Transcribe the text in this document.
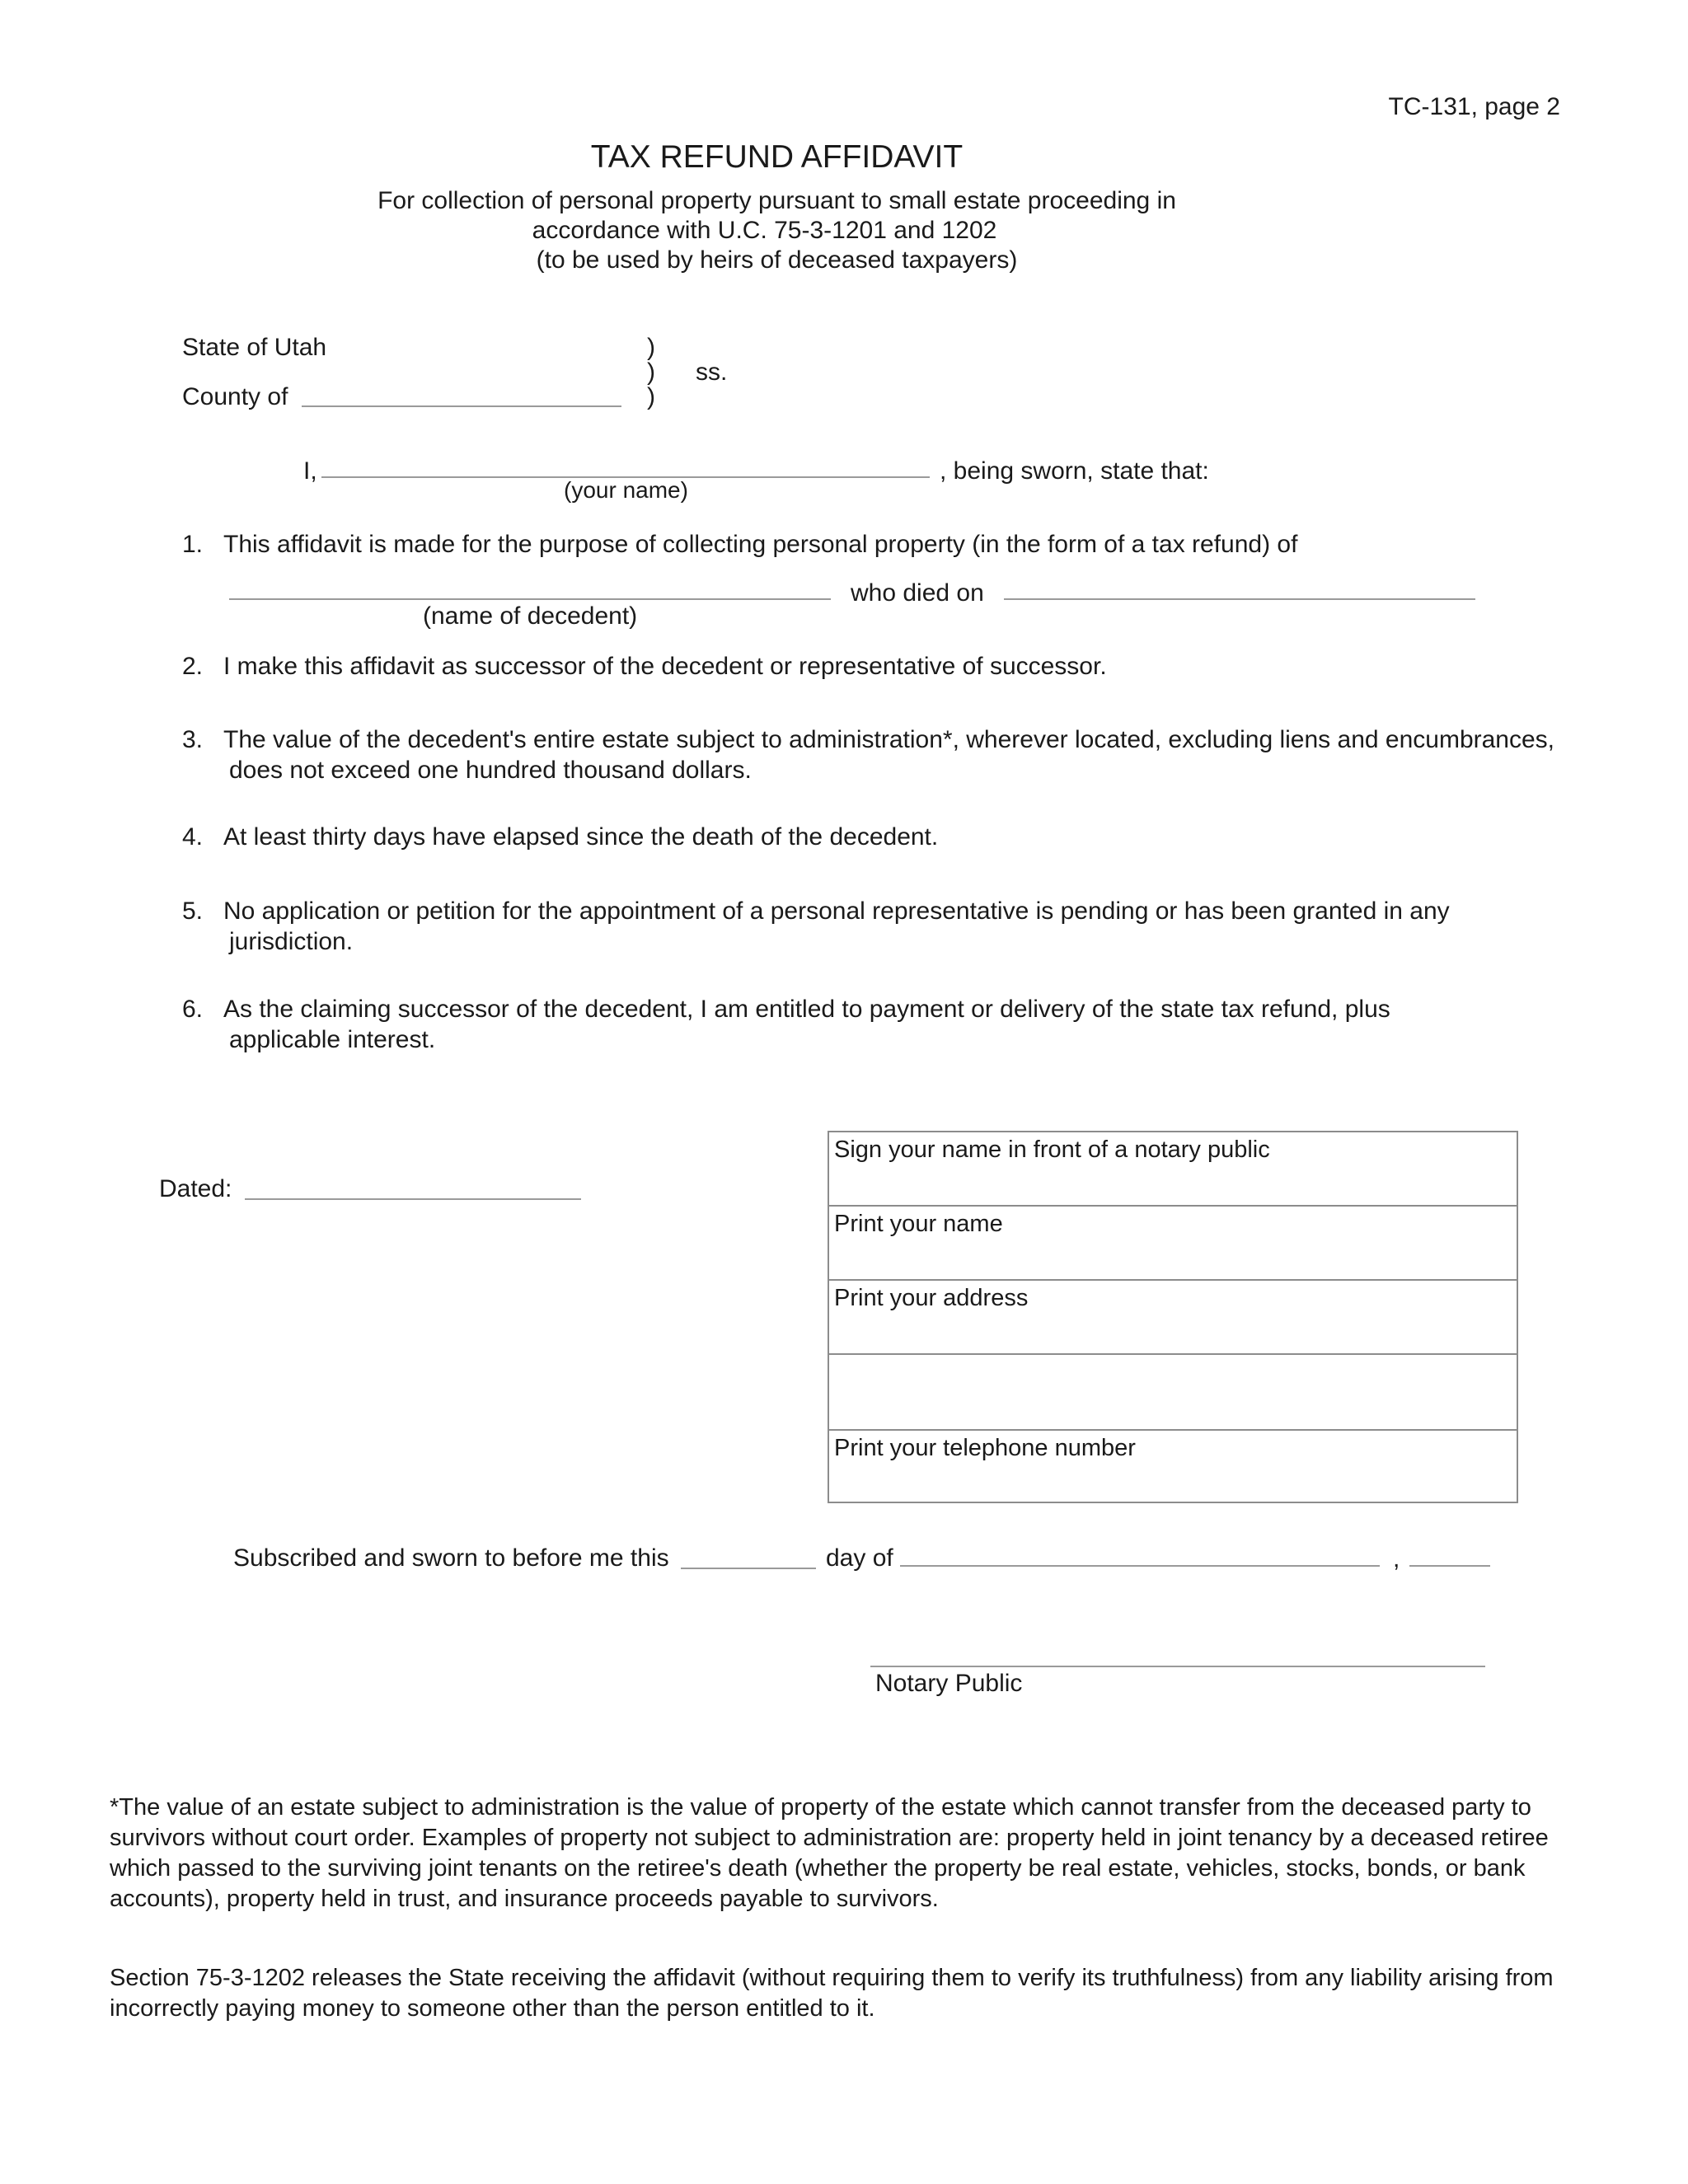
TC-131, page 2
TAX REFUND AFFIDAVIT
For collection of personal property pursuant to small estate proceeding in
accordance with U.C. 75-3-1201 and 1202
(to be used by heirs of deceased taxpayers)
State of Utah
County of
)
)
)
ss.
I,
(your name)
, being sworn, state that:
1. This affidavit is made for the purpose of collecting personal property (in the form of a tax refund) of
(name of decedent)
who died on
2. I make this affidavit as successor of the decedent or representative of successor.
3. The value of the decedent's entire estate subject to administration*, wherever located, excluding liens and encumbrances,
does not exceed one hundred thousand dollars.
4. At least thirty days have elapsed since the death of the decedent.
5. No application or petition for the appointment of a personal representative is pending or has been granted in any
jurisdiction.
6. As the claiming successor of the decedent, I am entitled to payment or delivery of the state tax refund, plus
applicable interest.
Dated:
Sign your name in front of a notary public
Print your name
Print your address
Print your telephone number
Subscribed and sworn to before me this	day of	,
Notary Public
*The value of an estate subject to administration is the value of property of the estate which cannot transfer from the deceased party to survivors without court order. Examples of property not subject to administration are: property held in joint tenancy by a deceased retiree which passed to the surviving joint tenants on the retiree's death (whether the property be real estate, vehicles, stocks, bonds, or bank accounts), property held in trust, and insurance proceeds payable to survivors.
Section 75-3-1202 releases the State receiving the affidavit (without requiring them to verify its truthfulness) from any liability arising from incorrectly paying money to someone other than the person entitled to it.
